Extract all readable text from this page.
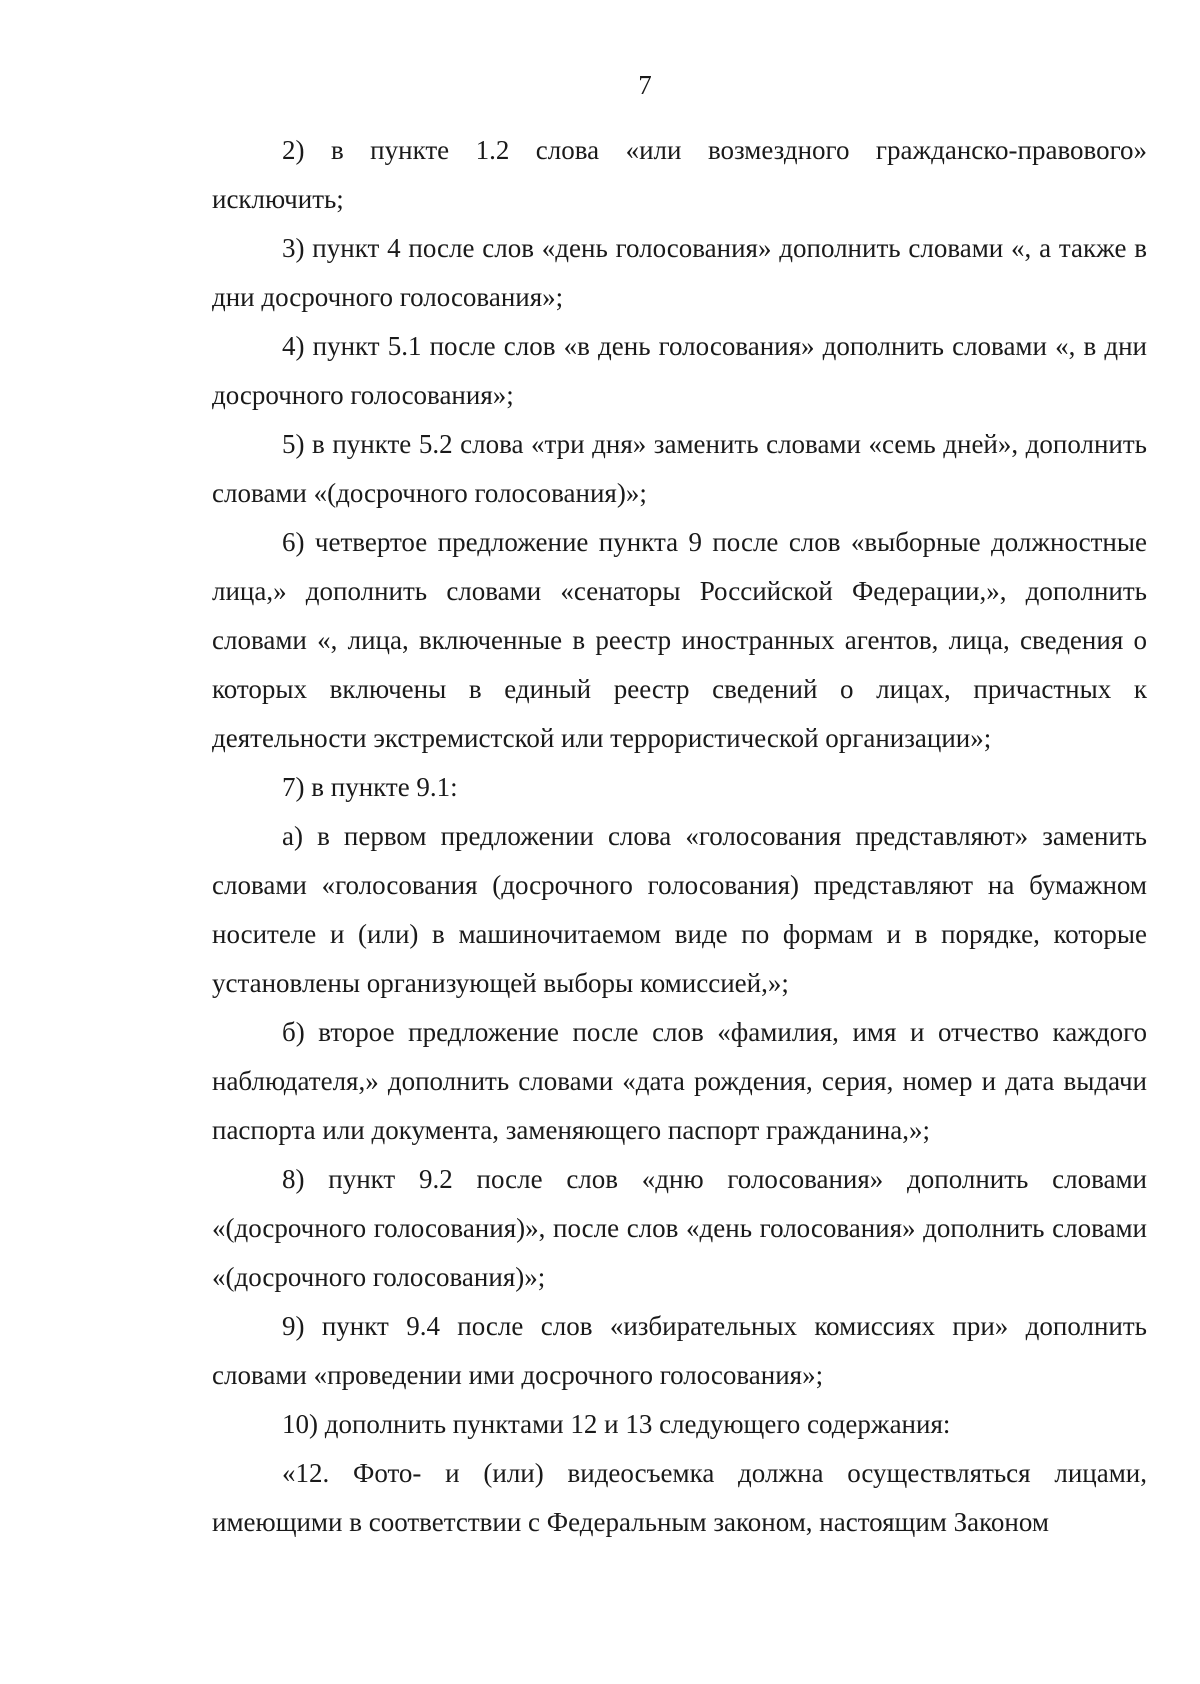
7

2) в пункте 1.2 слова «или возмездного гражданско-правового» исключить;

3) пункт 4 после слов «день голосования» дополнить словами «, а также в дни досрочного голосования»;

4) пункт 5.1 после слов «в день голосования» дополнить словами «, в дни досрочного голосования»;

5) в пункте 5.2 слова «три дня» заменить словами «семь дней», дополнить словами «(досрочного голосования)»;

6) четвертое предложение пункта 9 после слов «выборные должностные лица,» дополнить словами «сенаторы Российской Федерации,», дополнить словами «, лица, включенные в реестр иностранных агентов, лица, сведения о которых включены в единый реестр сведений о лицах, причастных к деятельности экстремистской или террористической организации»;

7) в пункте 9.1:

а) в первом предложении слова «голосования представляют» заменить словами «голосования (досрочного голосования) представляют на бумажном носителе и (или) в машиночитаемом виде по формам и в порядке, которые установлены организующей выборы комиссией,»;

б) второе предложение после слов «фамилия, имя и отчество каждого наблюдателя,» дополнить словами «дата рождения, серия, номер и дата выдачи паспорта или документа, заменяющего паспорт гражданина,»;

8) пункт 9.2 после слов «дню голосования» дополнить словами «(досрочного голосования)», после слов «день голосования» дополнить словами «(досрочного голосования)»;

9) пункт 9.4 после слов «избирательных комиссиях при» дополнить словами «проведении ими досрочного голосования»;

10) дополнить пунктами 12 и 13 следующего содержания:

«12. Фото- и (или) видеосъемка должна осуществляться лицами, имеющими в соответствии с Федеральным законом, настоящим Законом
